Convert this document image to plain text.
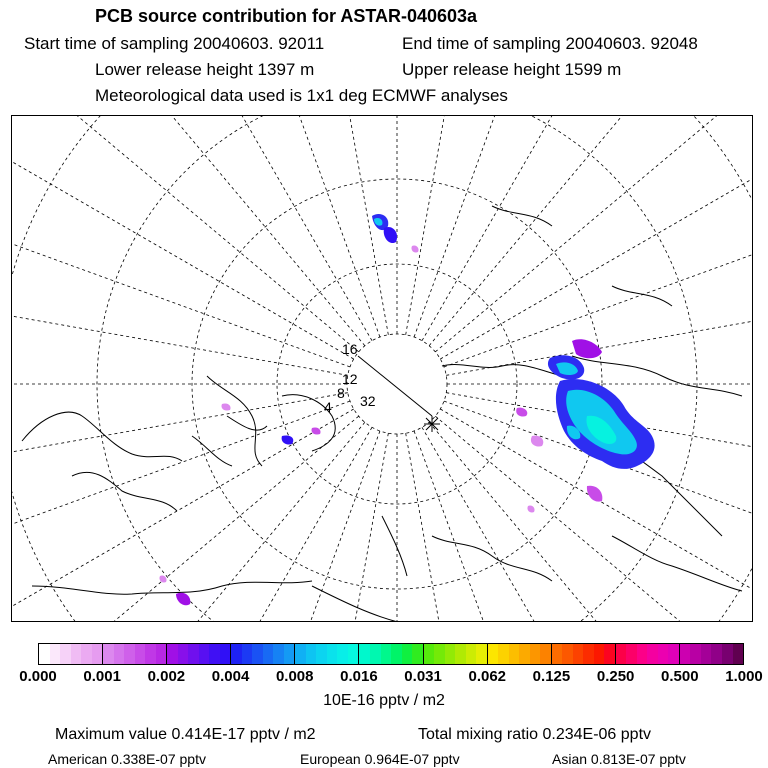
PCB source contribution for ASTAR-040603a
Start time of sampling 20040603. 92011	End time of sampling 20040603. 92048
Lower release height 1397 m	Upper release height 1599 m
Meteorological data used is 1x1 deg ECMWF analyses
16
12
8
4 32
0.000 0.001 0.002 0.004 0.008 0.016 0.031 0.062 0.125 0.250 0.500 1.000
10E-16 pptv / m2
Maximum value 0.414E-17 pptv / m2	Total mixing ratio 0.234E-06 pptv
American 0.338E-07 pptv	European 0.964E-07 pptv	Asian 0.813E-07 pptv
